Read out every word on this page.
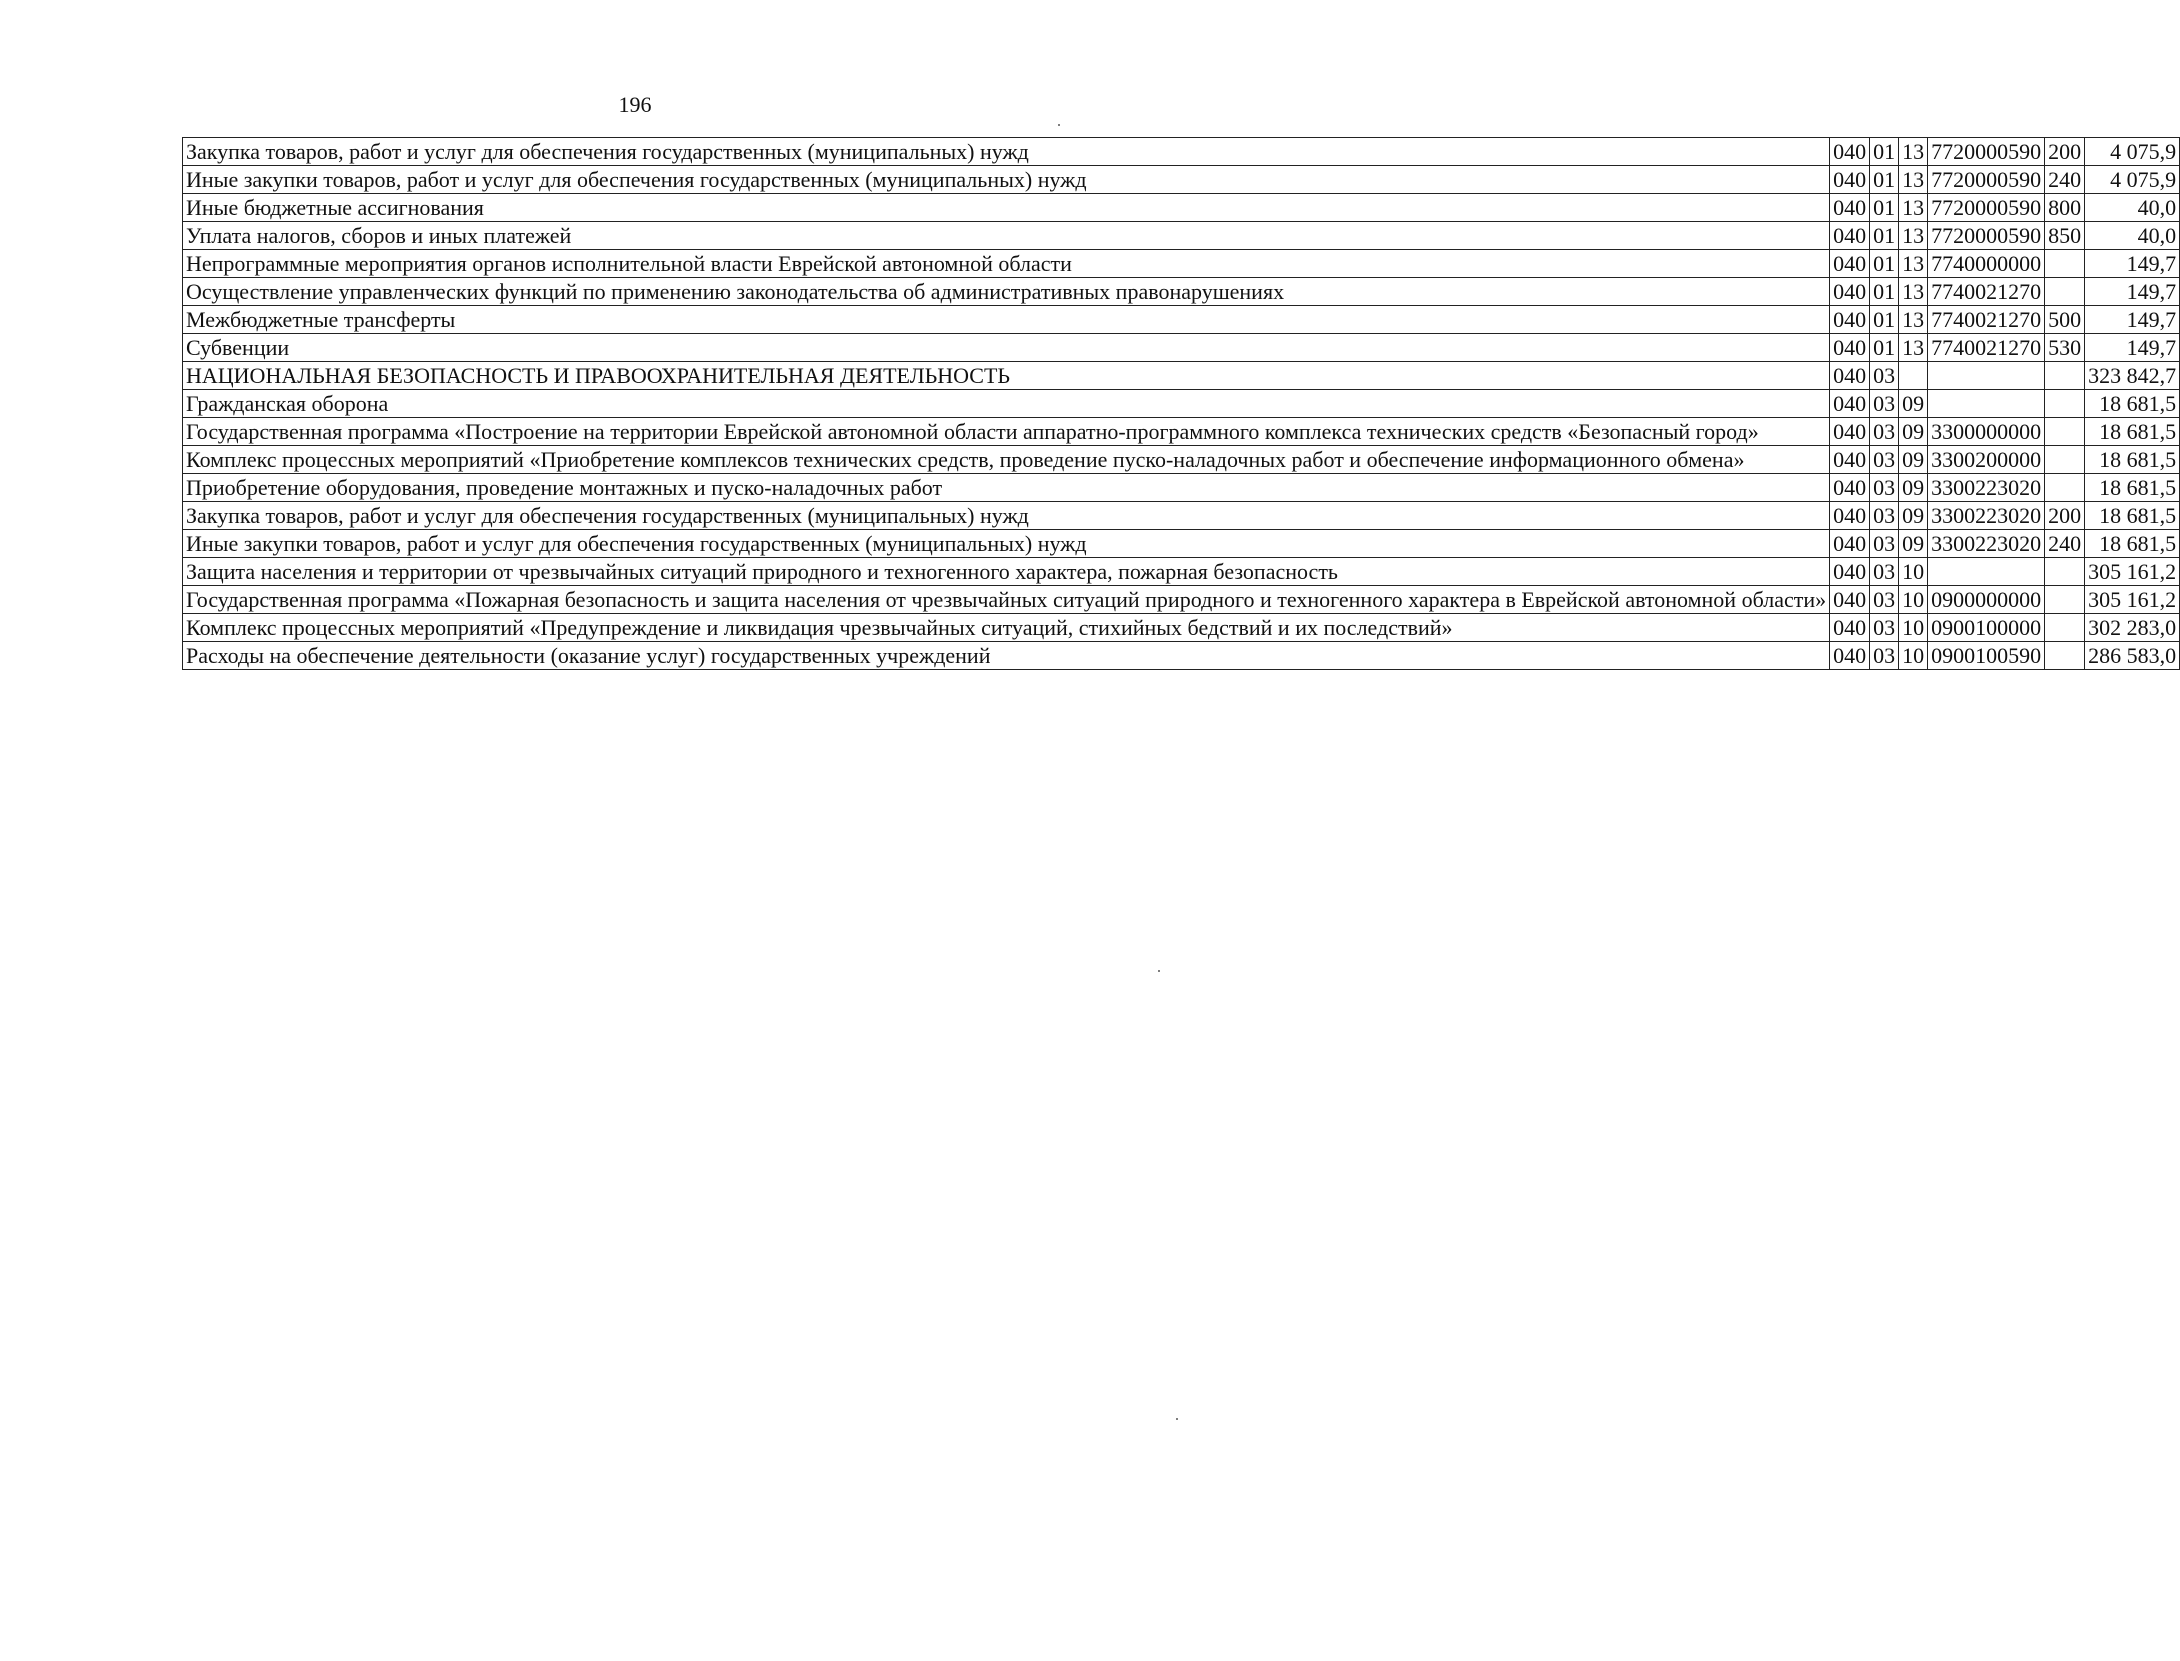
196
Закупка товаров, работ и услуг для обеспечения государственных (муниципальных) нужд	040	01	13	7720000590	200	4 075,9
Иные закупки товаров, работ и услуг для обеспечения государственных (муниципальных) нужд	040	01	13	7720000590	240	4 075,9
Иные бюджетные ассигнования	040	01	13	7720000590	800	40,0
Уплата налогов, сборов и иных платежей	040	01	13	7720000590	850	40,0
Непрограммные мероприятия органов исполнительной власти Еврейской автономной области	040	01	13	7740000000		149,7
Осуществление управленческих функций по применению законодательства об административных правонарушениях	040	01	13	7740021270		149,7
Межбюджетные трансферты	040	01	13	7740021270	500	149,7
Субвенции	040	01	13	7740021270	530	149,7
НАЦИОНАЛЬНАЯ БЕЗОПАСНОСТЬ И ПРАВООХРАНИТЕЛЬНАЯ ДЕЯТЕЛЬНОСТЬ	040	03				323 842,7
Гражданская оборона	040	03	09			18 681,5
Государственная программа «Построение на территории Еврейской автономной области аппаратно-программного комплекса технических средств «Безопасный город»	040	03	09	3300000000		18 681,5
Комплекс процессных мероприятий «Приобретение комплексов технических средств, проведение пуско-наладочных работ и обеспечение информационного обмена»	040	03	09	3300200000		18 681,5
Приобретение оборудования, проведение монтажных и пуско-наладочных работ	040	03	09	3300223020		18 681,5
Закупка товаров, работ и услуг для обеспечения государственных (муниципальных) нужд	040	03	09	3300223020	200	18 681,5
Иные закупки товаров, работ и услуг для обеспечения государственных (муниципальных) нужд	040	03	09	3300223020	240	18 681,5
Защита населения и территории от чрезвычайных ситуаций природного и техногенного характера, пожарная безопасность	040	03	10			305 161,2
Государственная программа «Пожарная безопасность и защита населения от чрезвычайных ситуаций природного и техногенного характера в Еврейской автономной области»	040	03	10	0900000000		305 161,2
Комплекс процессных мероприятий «Предупреждение и ликвидация чрезвычайных ситуаций, стихийных бедствий и их последствий»	040	03	10	0900100000		302 283,0
Расходы на обеспечение деятельности (оказание услуг) государственных учреждений	040	03	10	0900100590		286 583,0
